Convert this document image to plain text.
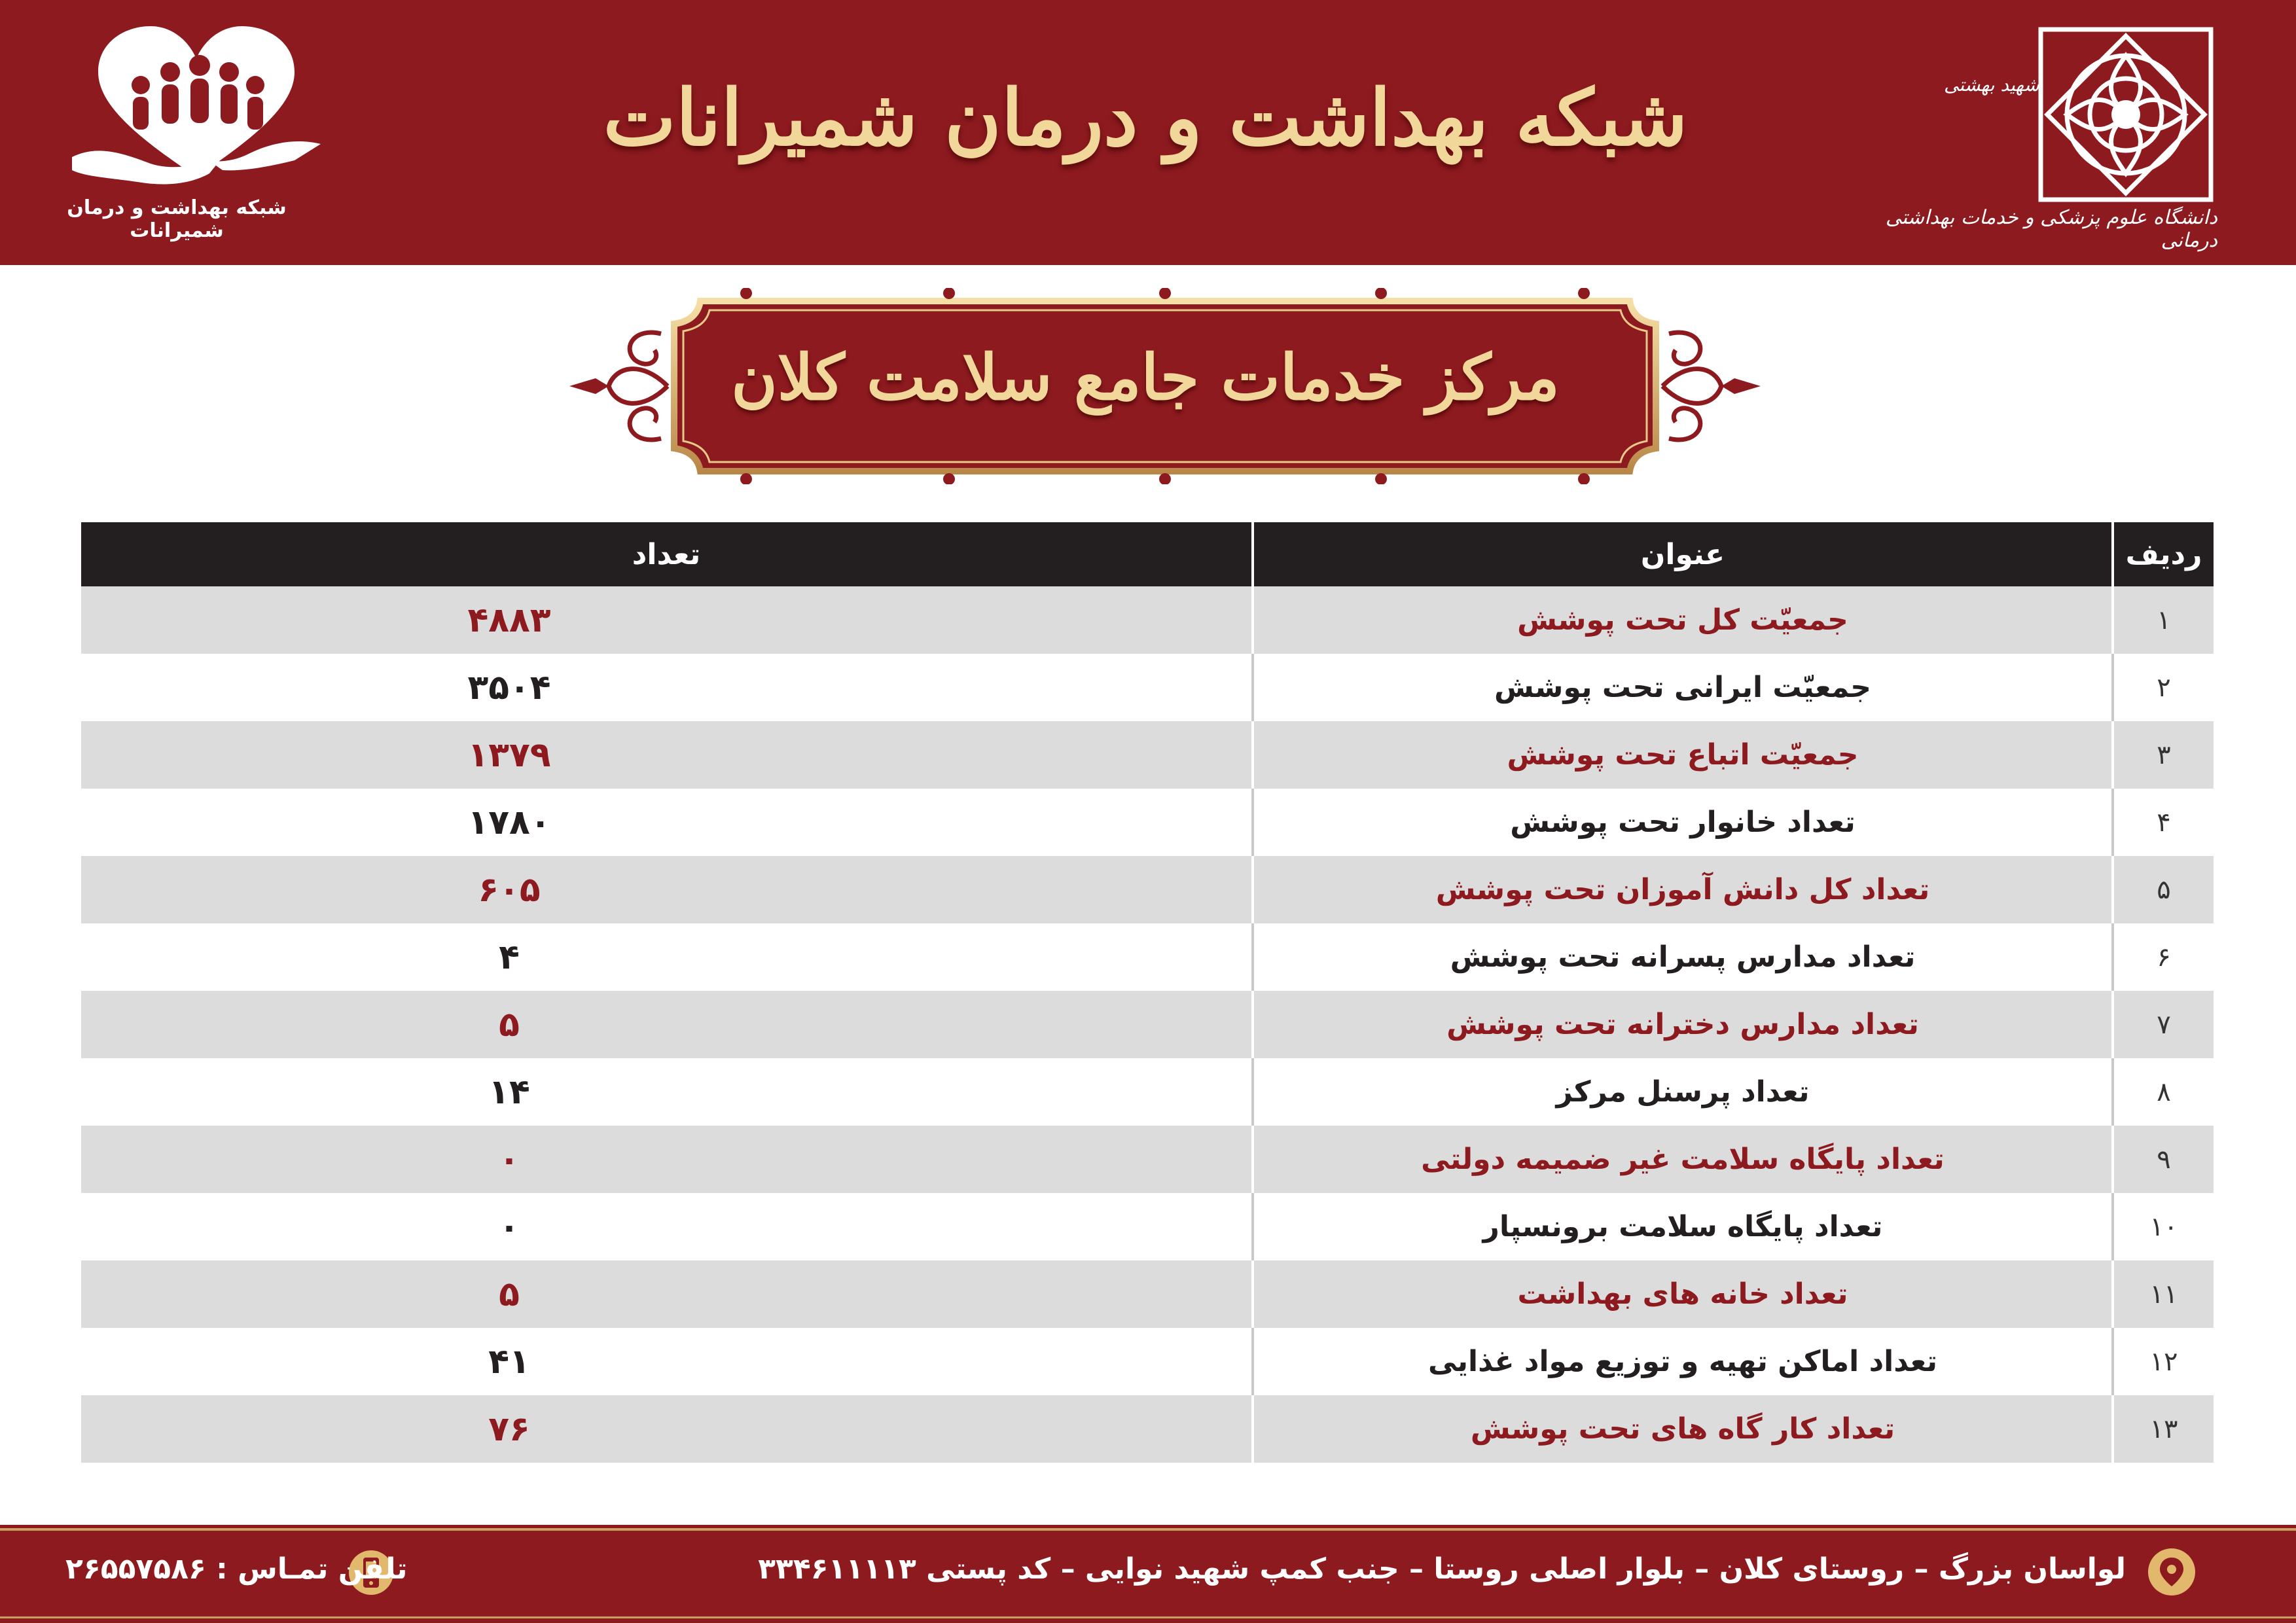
شبکه بهداشت و درمان شمیرانات
شبکه بهداشت و درمان شمیرانات	شهید بهشتی
دانشگاه علوم پزشکی و خدمات بهداشتی درمانی
مرکز خدمات جامع سلامت کلان
ردیف	عنوان	تعداد
۱	جمعیّت کل تحت پوشش	۴۸۸۳
۲	جمعیّت ایرانی تحت پوشش	۳۵۰۴
۳	جمعیّت اتباع تحت پوشش	۱۳۷۹
۴	تعداد خانوار تحت پوشش	۱۷۸۰
۵	تعداد کل دانش آموزان تحت پوشش	۶۰۵
۶	تعداد مدارس پسرانه تحت پوشش	۴
۷	تعداد مدارس دخترانه تحت پوشش	۵
۸	تعداد پرسنل مرکز	۱۴
۹	تعداد پایگاه سلامت غیر ضمیمه دولتی	۰
۱۰	تعداد پایگاه سلامت برونسپار	۰
۱۱	تعداد خانه های بهداشت	۵
۱۲	تعداد اماکن تهیه و توزیع مواد غذایی	۴۱
۱۳	تعداد کار گاه های تحت پوشش	۷۶
لواسان بزرگ – روستای کلان – بلوار اصلی روستا – جنب کمپ شهید نوایی – کد پستی ۳۳۴۶۱۱۱۱۳
تلفن تمـاس : ۲۶۵۵۷۵۸۶
